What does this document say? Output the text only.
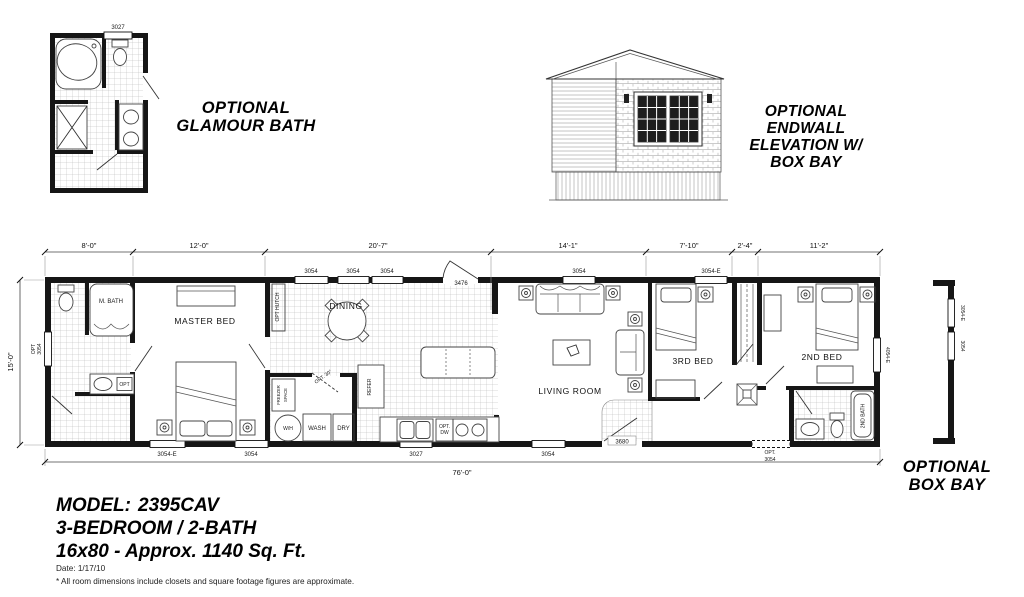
3027
OPTIONAL
GLAMOUR BATH
OPTIONAL
ENDWALL
ELEVATION W/
BOX BAY
3054	3054	3054	3054	3054-E
3476
3054-E	3054	3027	3054	OPT.
3054
3680
OPT 3054	4054-E
M. BATH
OPT
MASTER BED	OPT HUTCH	DINING
REFER
OPT.
DW
FREEZER SPACE
W/H	WASH DRY
OPT. 30"
LIVING ROOM
3RD BED	2ND BED
2ND BATH
8'-0"	12'-0"	20'-7"	14'-1"	7'-10"	2'-4"	11'-2"
15'-0"
76'-0"
3054-E
3054
OPTIONAL
BOX BAY
MODEL: 2395CAV
3-BEDROOM / 2-BATH
16x80 - Approx. 1140 Sq. Ft.
Date: 1/17/10
* All room dimensions include closets and square footage figures are approximate.
